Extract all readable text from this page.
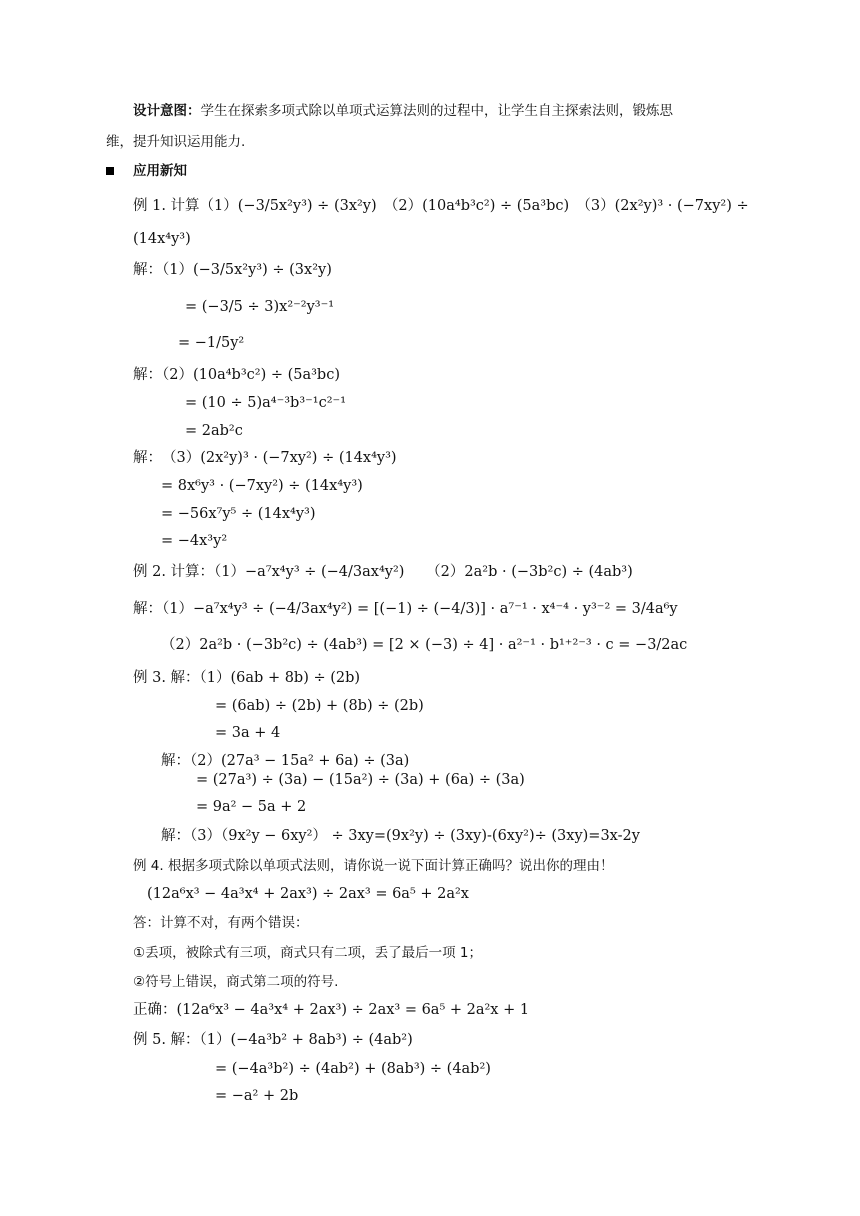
设计意图：学生在探索多项式除以单项式运算法则的过程中，让学生自主探索法则，锻炼思
维，提升知识运用能力.
应用新知
例 1. 计算（1）(−3/5x²y³) ÷ (3x²y)　（2）(10a⁴b³c²) ÷ (5a³bc)　（3）(2x²y)³ · (−7xy²) ÷
(14x⁴y³)
解：（1）(−3/5x²y³) ÷ (3x²y)
= (−3/5 ÷ 3)x²⁻²y³⁻¹
= −1/5y²
解：（2）(10a⁴b³c²) ÷ (5a³bc)
= (10 ÷ 5)a⁴⁻³b³⁻¹c²⁻¹
= 2ab²c
解：　（3）(2x²y)³ · (−7xy²) ÷ (14x⁴y³)
= 8x⁶y³ · (−7xy²) ÷ (14x⁴y³)
= −56x⁷y⁵ ÷ (14x⁴y³)
= −4x³y²
例 2. 计算：（1）−a⁷x⁴y³ ÷ (−4/3ax⁴y²)　　（2）2a²b · (−3b²c) ÷ (4ab³)
解：（1）−a⁷x⁴y³ ÷ (−4/3ax⁴y²) = [(−1) ÷ (−4/3)] · a⁷⁻¹ · x⁴⁻⁴ · y³⁻² = 3/4a⁶y
（2）2a²b · (−3b²c) ÷ (4ab³) = [2 × (−3) ÷ 4] · a²⁻¹ · b¹⁺²⁻³ · c = −3/2ac
例 3. 解：（1）(6ab + 8b) ÷ (2b)
= (6ab) ÷ (2b) + (8b) ÷ (2b)
= 3a + 4
解：（2）(27a³ − 15a² + 6a) ÷ (3a)
= (27a³) ÷ (3a) − (15a²) ÷ (3a) + (6a) ÷ (3a)
= 9a² − 5a + 2
解：（3）（9x²y − 6xy²） ÷ 3xy=(9x²y) ÷ (3xy)-(6xy²)÷ (3xy)=3x-2y
例 4. 根据多项式除以单项式法则，请你说一说下面计算正确吗？说出你的理由！
(12a⁶x³ − 4a³x⁴ + 2ax³) ÷ 2ax³ = 6a⁵ + 2a²x
答：计算不对，有两个错误：
①丢项，被除式有三项，商式只有二项，丢了最后一项 1；
②符号上错误，商式第二项的符号.
正确：(12a⁶x³ − 4a³x⁴ + 2ax³) ÷ 2ax³ = 6a⁵ + 2a²x + 1
例 5. 解：（1）(−4a³b² + 8ab³) ÷ (4ab²)
= (−4a³b²) ÷ (4ab²) + (8ab³) ÷ (4ab²)
= −a² + 2b
